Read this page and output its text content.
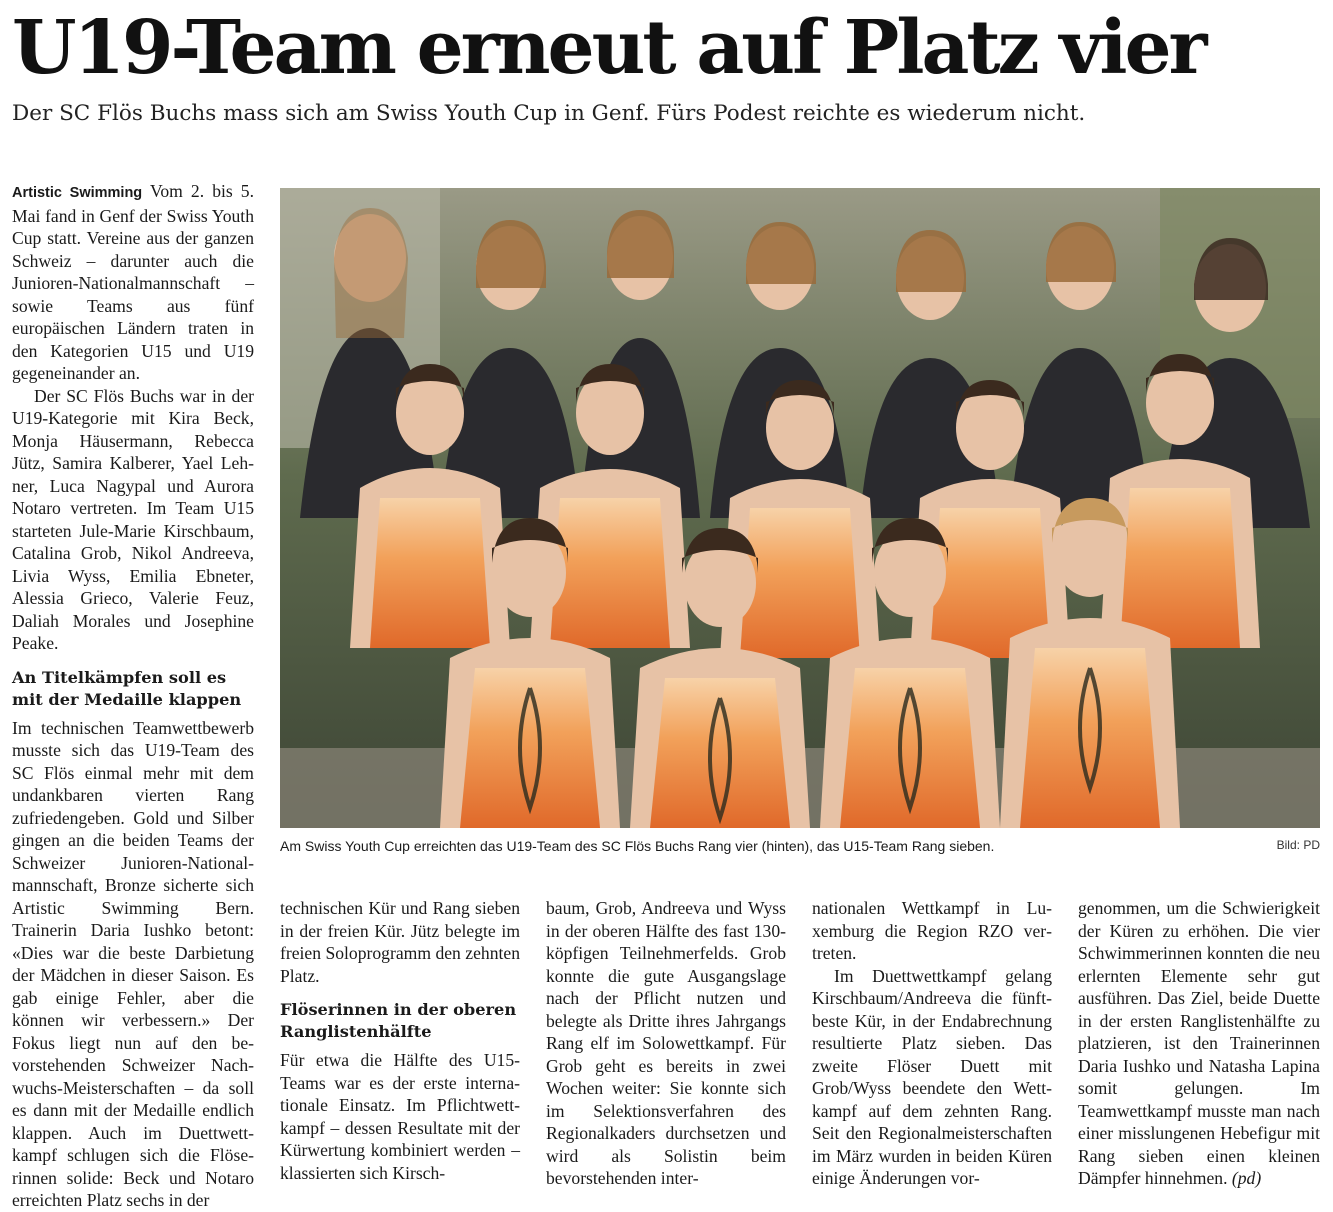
U19-Team erneut auf Platz vier
Der SC Flös Buchs mass sich am Swiss Youth Cup in Genf. Fürs Podest reichte es wiederum nicht.

Artistic Swimming Vom 2. bis 5. Mai fand in Genf der Swiss Youth Cup statt. Vereine aus der ganzen Schweiz – darunter auch die Junioren-Nationalmannschaft – sowie Teams aus fünf europäischen Ländern traten in den Kategorien U15 und U19 gegeneinander an.

Der SC Flös Buchs war in der U19-Kategorie mit Kira Beck, Monja Häusermann, Rebecca Jütz, Samira Kalberer, Yael Lehner, Luca Nagypal und Aurora Notaro vertreten. Im Team U15 starteten Jule-Marie Kirschbaum, Catalina Grob, Nikol Andreeva, Livia Wyss, Emilia Ebneter, Alessia Grieco, Valerie Feuz, Daliah Morales und Josephine Peake.

An Titelkämpfen soll es mit der Medaille klappen

Im technischen Teamwettbewerb musste sich das U19-Team des SC Flös einmal mehr mit dem undankbaren vierten Rang zufriedengeben. Gold und Silber gingen an die beiden Teams der Schweizer Junioren-Nationalmannschaft, Bronze sicherte sich Artistic Swimming Bern. Trainerin Daria Iushko betont: «Dies war die beste Darbietung der Mädchen in dieser Saison. Es gab einige Fehler, aber die können wir verbessern.» Der Fokus liegt nun auf den bevorstehenden Schweizer Nachwuchs-Meisterschaften – da soll es dann mit der Medaille endlich klappen. Auch im Duettwettkampf schlugen sich die Flöserinnen solide: Beck und Notaro erreichten Platz sechs in der

Am Swiss Youth Cup erreichten das U19-Team des SC Flös Buchs Rang vier (hinten), das U15-Team Rang sieben.	Bild: PD

technischen Kür und Rang sieben in der freien Kür. Jütz belegte im freien Soloprogramm den zehnten Platz.

Flöserinnen in der oberen Ranglistenhälfte

Für etwa die Hälfte des U15-Teams war es der erste internationale Einsatz. Im Pflichtwettkampf – dessen Resultate mit der Kürwertung kombiniert werden – klassierten sich Kirsch-

baum, Grob, Andreeva und Wyss in der oberen Hälfte des fast 130-köpfigen Teilnehmerfelds. Grob konnte die gute Ausgangslage nach der Pflicht nutzen und belegte als Dritte ihres Jahrgangs Rang elf im Solowettkampf. Für Grob geht es bereits in zwei Wochen weiter: Sie konnte sich im Selektionsverfahren des Regionalkaders durchsetzen und wird als Solistin beim bevorstehenden inter-

nationalen Wettkampf in Luxemburg die Region RZO vertreten.

Im Duettwettkampf gelang Kirschbaum/Andreeva die fünftbeste Kür, in der Endabrechnung resultierte Platz sieben. Das zweite Flöser Duett mit Grob/Wyss beendete den Wettkampf auf dem zehnten Rang. Seit den Regionalmeisterschaften im März wurden in beiden Küren einige Änderungen vor-

genommen, um die Schwierigkeit der Küren zu erhöhen. Die vier Schwimmerinnen konnten die neu erlernten Elemente sehr gut ausführen. Das Ziel, beide Duette in der ersten Ranglistenhälfte zu platzieren, ist den Trainerinnen Daria Iushko und Natasha Lapina somit gelungen. Im Teamwettkampf musste man nach einer misslungenen Hebefigur mit Rang sieben einen kleinen Dämpfer hinnehmen. (pd)
